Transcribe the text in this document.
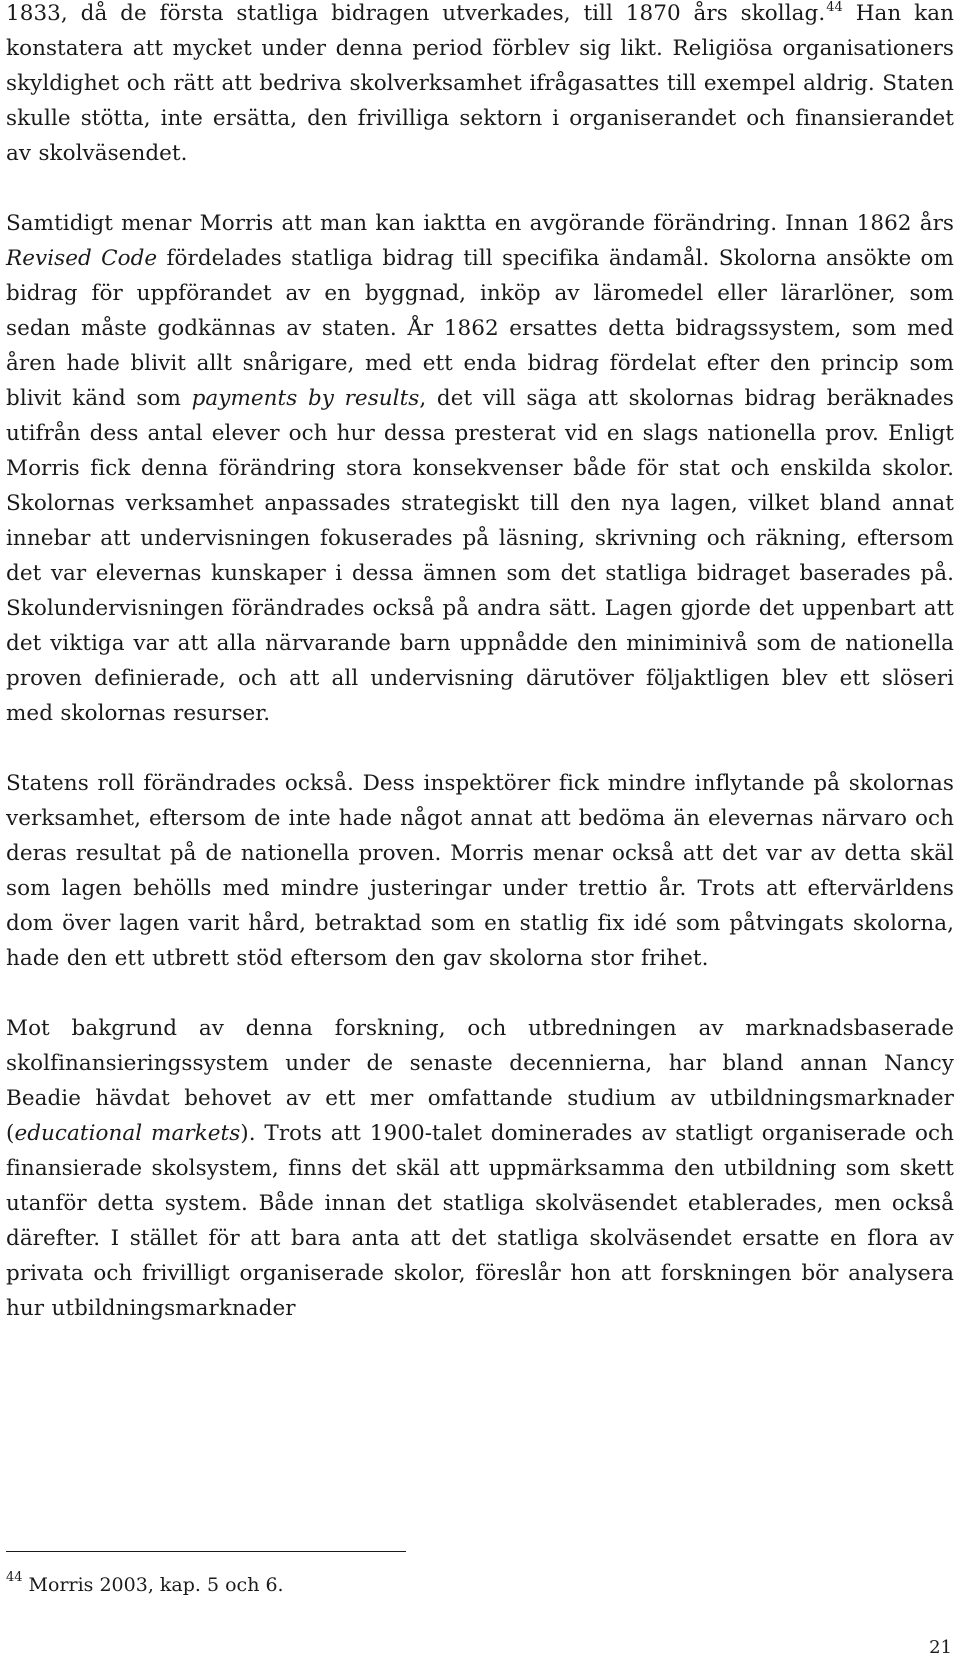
1833, då de första statliga bidragen utverkades, till 1870 års skollag.$^{44}$ Han kan konstatera att mycket under denna period förblev sig likt. Religiösa organisationers skyldighet och rätt att bedriva skolverksamhet ifrågasattes till exempel aldrig. Staten skulle stötta, inte ersätta, den frivilliga sektorn i organiserandet och finansierandet av skolväsendet.

Samtidigt menar Morris att man kan iaktta en avgörande förändring. Innan 1862 års Revised Code fördelades statliga bidrag till specifika ändamål. Skolorna ansökte om bidrag för uppförandet av en byggnad, inköp av läromedel eller lärarlöner, som sedan måste godkännas av staten. År 1862 ersattes detta bidragssystem, som med åren hade blivit allt snårigare, med ett enda bidrag fördelat efter den princip som blivit känd som payments by results, det vill säga att skolornas bidrag beräknades utifrån dess antal elever och hur dessa presterat vid en slags nationella prov. Enligt Morris fick denna förändring stora konsekvenser både för stat och enskilda skolor. Skolornas verksamhet anpassades strategiskt till den nya lagen, vilket bland annat innebar att undervisningen fokuserades på läsning, skrivning och räkning, eftersom det var elevernas kunskaper i dessa ämnen som det statliga bidraget baserades på. Skolundervisningen förändrades också på andra sätt. Lagen gjorde det uppenbart att det viktiga var att alla närvarande barn uppnådde den miniminivå som de nationella proven definierade, och att all undervisning därutöver följaktligen blev ett slöseri med skolornas resurser.

Statens roll förändrades också. Dess inspektörer fick mindre inflytande på skolornas verksamhet, eftersom de inte hade något annat att bedöma än elevernas närvaro och deras resultat på de nationella proven. Morris menar också att det var av detta skäl som lagen behölls med mindre justeringar under trettio år. Trots att eftervärldens dom över lagen varit hård, betraktad som en statlig fix idé som påtvingats skolorna, hade den ett utbrett stöd eftersom den gav skolorna stor frihet.

Mot bakgrund av denna forskning, och utbredningen av marknadsbaserade skolfinansieringssystem under de senaste decennierna, har bland annan Nancy Beadie hävdat behovet av ett mer omfattande studium av utbildningsmarknader (educational markets). Trots att 1900-talet dominerades av statligt organiserade och finansierade skolsystem, finns det skäl att uppmärksamma den utbildning som skett utanför detta system. Både innan det statliga skolväsendet etablerades, men också därefter. I stället för att bara anta att det statliga skolväsendet ersatte en flora av privata och frivilligt organiserade skolor, föreslår hon att forskningen bör analysera hur utbildningsmarknader

$^{44}$ Morris 2003, kap. 5 och 6.
21
